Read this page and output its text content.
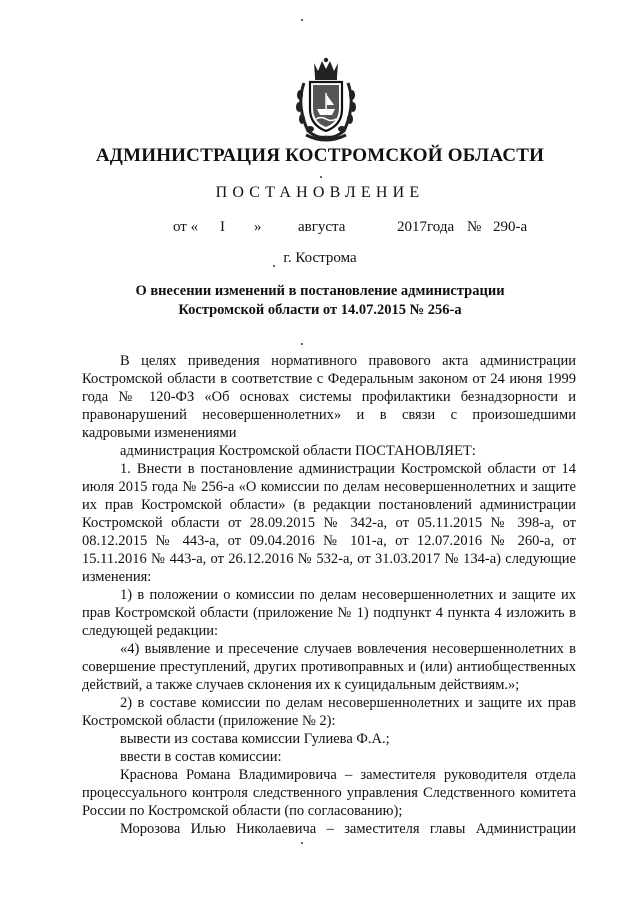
АДМИНИСТРАЦИЯ КОСТРОМСКОЙ ОБЛАСТИ
ПОСТАНОВЛЕНИЕ
от « I » августа	2017года № 290-а
г. Кострома
О внесении изменений в постановление администрации
Костромской области от 14.07.2015 № 256-а

В целях приведения нормативного правового акта администрации Костромской области в соответствие с Федеральным законом от 24 июня 1999 года № 120-ФЗ «Об основах системы профилактики безнадзорности и правонарушений несовершеннолетних» и в связи с произошедшими кадровыми изменениями

администрация Костромской области ПОСТАНОВЛЯЕТ:

1. Внести в постановление администрации Костромской области от 14 июля 2015 года № 256-а «О комиссии по делам несовершеннолетних и защите их прав Костромской области» (в редакции постановлений администрации Костромской области от 28.09.2015 № 342-а, от 05.11.2015 № 398-а, от 08.12.2015 № 443-а, от 09.04.2016 № 101-а, от 12.07.2016 № 260-а, от 15.11.2016 № 443-а, от 26.12.2016 № 532-а, от 31.03.2017 № 134-а) следующие изменения:

1) в положении о комиссии по делам несовершеннолетних и защите их прав Костромской области (приложение № 1) подпункт 4 пункта 4 изложить в следующей редакции:

«4) выявление и пресечение случаев вовлечения несовершеннолетних в совершение преступлений, других противоправных и (или) антиобщественных действий, а также случаев склонения их к суицидальным действиям.»;

2) в составе комиссии по делам несовершеннолетних и защите их прав Костромской области (приложение № 2):

вывести из состава комиссии Гулиева Ф.А.;

ввести в состав комиссии:

Краснова Романа Владимировича – заместителя руководителя отдела процессуального контроля следственного управления Следственного комитета России по Костромской области (по согласованию);

Морозова Илью Николаевича – заместителя главы Администрации
